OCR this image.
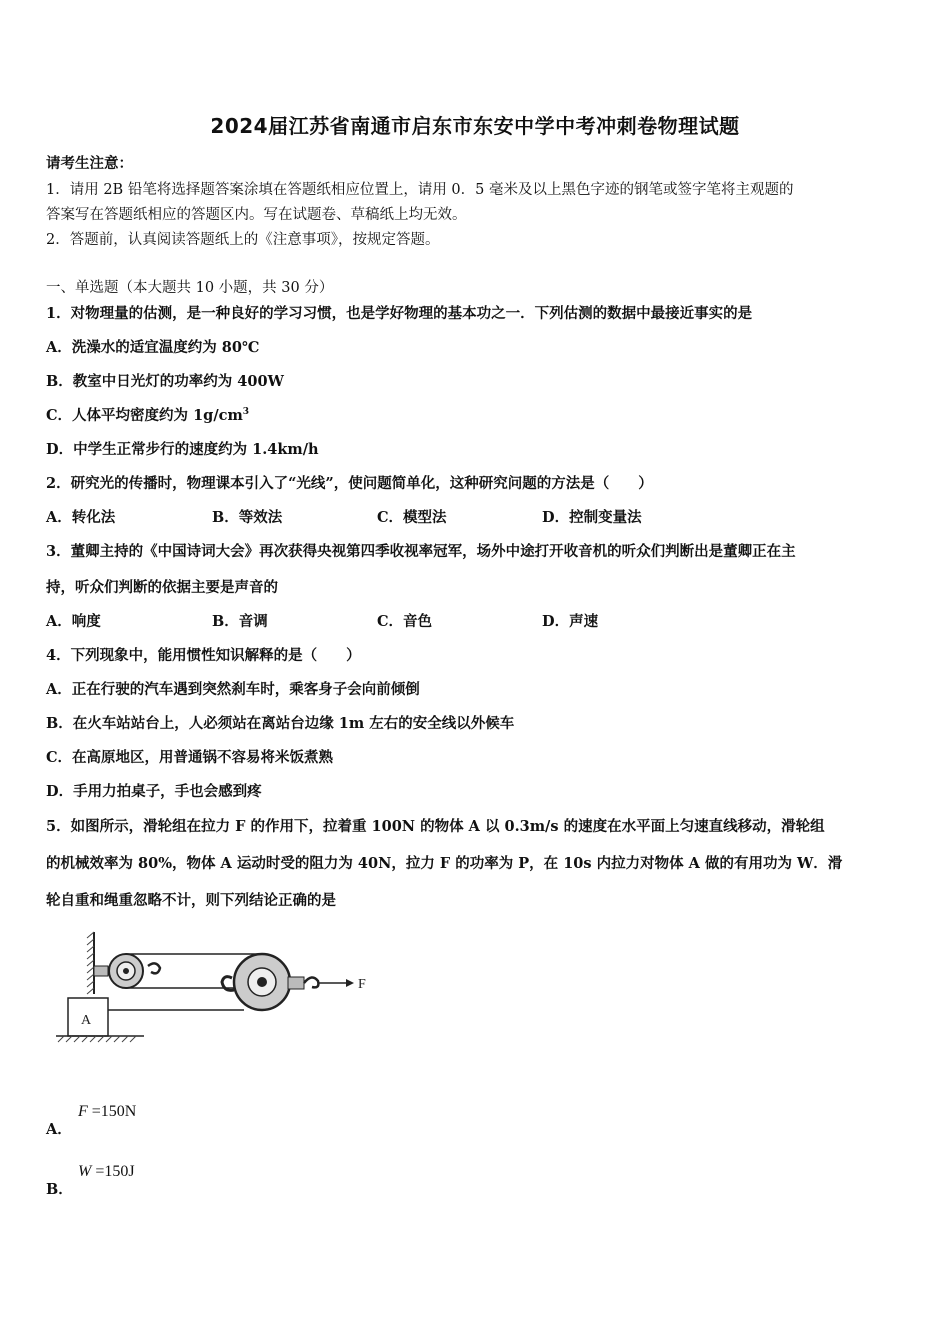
2024届江苏省南通市启东市东安中学中考冲刺卷物理试题
请考生注意：
1．请用 2B 铅笔将选择题答案涂填在答题纸相应位置上，请用 0．5 毫米及以上黑色字迹的钢笔或签字笔将主观题的
答案写在答题纸相应的答题区内。写在试题卷、草稿纸上均无效。
2．答题前，认真阅读答题纸上的《注意事项》，按规定答题。
一、单选题（本大题共 10 小题，共 30 分）
1．对物理量的估测，是一种良好的学习习惯，也是学好物理的基本功之一．下列估测的数据中最接近事实的是
A．洗澡水的适宜温度约为 80℃
B．教室中日光灯的功率约为 400W
C．人体平均密度约为 $1g/cm^3$
D．中学生正常步行的速度约为 1.4km/h
2．研究光的传播时，物理课本引入了“光线”，使问题简单化，这种研究问题的方法是（　　）
A．转化法	B．等效法	C．模型法	D．控制变量法
3．董卿主持的《中国诗词大会》再次获得央视第四季收视率冠军，场外中途打开收音机的听众们判断出是董卿正在主
持，听众们判断的依据主要是声音的
A．响度	B．音调	C．音色	D．声速
4．下列现象中，能用惯性知识解释的是（　　）
A．正在行驶的汽车遇到突然刹车时，乘客身子会向前倾倒
B．在火车站站台上，人必须站在离站台边缘 1m 左右的安全线以外候车
C．在高原地区，用普通锅不容易将米饭煮熟
D．手用力拍桌子，手也会感到疼
5．如图所示，滑轮组在拉力 F 的作用下，拉着重 100N 的物体 A 以 0.3m/s 的速度在水平面上匀速直线移动，滑轮组
的机械效率为 80%，物体 A 运动时受的阻力为 40N，拉力 F 的功率为 P，在 10s 内拉力对物体 A 做的有用功为 W．滑
轮自重和绳重忽略不计，则下列结论正确的是
F
A
A．
F =150N
B．
W =150J
